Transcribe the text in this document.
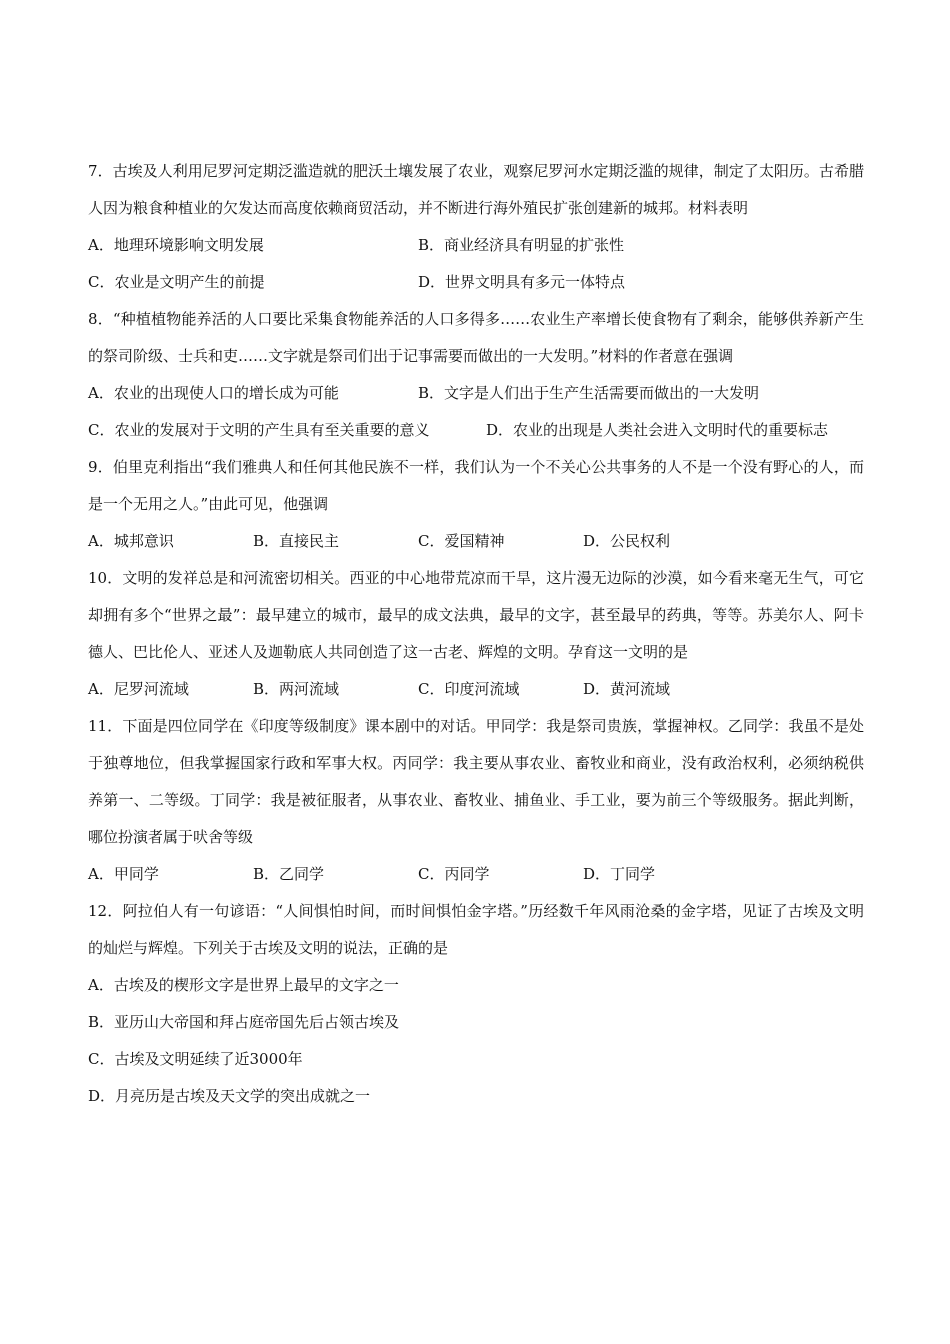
7．古埃及人利用尼罗河定期泛滥造就的肥沃土壤发展了农业，观察尼罗河水定期泛滥的规律，制定了太阳历。古希腊人因为粮食种植业的欠发达而高度依赖商贸活动，并不断进行海外殖民扩张创建新的城邦。材料表明

A．地理环境影响文明发展	B．商业经济具有明显的扩张性
C．农业是文明产生的前提	D．世界文明具有多元一体特点

8．“种植植物能养活的人口要比采集食物能养活的人口多得多……农业生产率增长使食物有了剩余，能够供养新产生的祭司阶级、士兵和吏……文字就是祭司们出于记事需要而做出的一大发明。”材料的作者意在强调

A．农业的出现使人口的增长成为可能	B．文字是人们出于生产生活需要而做出的一大发明
C．农业的发展对于文明的产生具有至关重要的意义	D．农业的出现是人类社会进入文明时代的重要标志

9．伯里克利指出“我们雅典人和任何其他民族不一样，我们认为一个不关心公共事务的人不是一个没有野心的人，而是一个无用之人。”由此可见，他强调

A．城邦意识	B．直接民主	C．爱国精神	D．公民权利

10．文明的发祥总是和河流密切相关。西亚的中心地带荒凉而干旱，这片漫无边际的沙漠，如今看来毫无生气，可它却拥有多个“世界之最”：最早建立的城市，最早的成文法典，最早的文字，甚至最早的药典，等等。苏美尔人、阿卡德人、巴比伦人、亚述人及迦勒底人共同创造了这一古老、辉煌的文明。孕育这一文明的是

A．尼罗河流域	B．两河流域	C．印度河流域	D．黄河流域

11．下面是四位同学在《印度等级制度》课本剧中的对话。甲同学：我是祭司贵族，掌握神权。乙同学：我虽不是处于独尊地位，但我掌握国家行政和军事大权。丙同学：我主要从事农业、畜牧业和商业，没有政治权利，必须纳税供养第一、二等级。丁同学：我是被征服者，从事农业、畜牧业、捕鱼业、手工业，要为前三个等级服务。据此判断，哪位扮演者属于吠舍等级

A．甲同学	B．乙同学	C．丙同学	D．丁同学

12．阿拉伯人有一句谚语：“人间惧怕时间，而时间惧怕金字塔。”历经数千年风雨沧桑的金字塔，见证了古埃及文明的灿烂与辉煌。下列关于古埃及文明的说法，正确的是

A．古埃及的楔形文字是世界上最早的文字之一
B．亚历山大帝国和拜占庭帝国先后占领古埃及
C．古埃及文明延续了近3000年
D．月亮历是古埃及天文学的突出成就之一
